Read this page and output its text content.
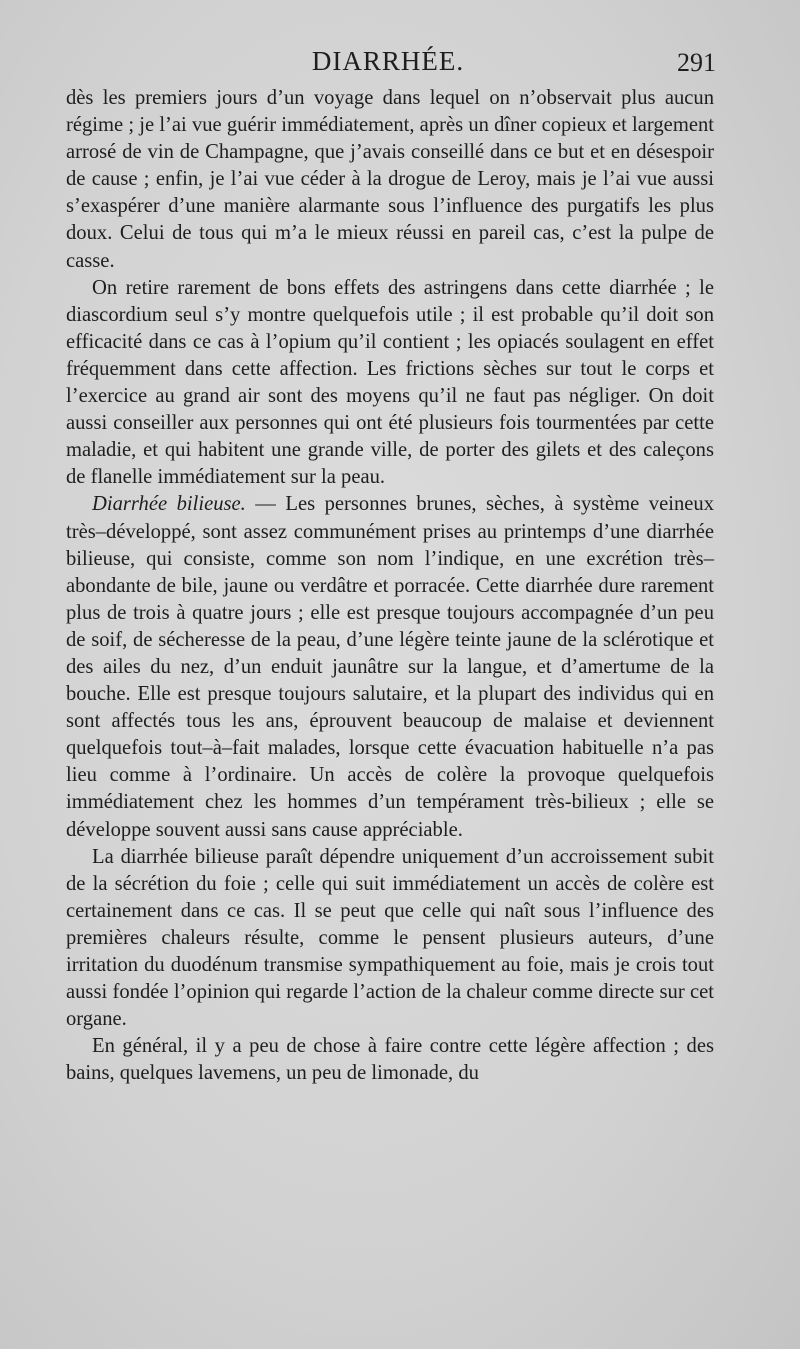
DIARRHÉE.	291

dès les premiers jours d’un voyage dans lequel on n’observait plus aucun régime ; je l’ai vue guérir immédiatement, après un dîner copieux et largement arrosé de vin de Champagne, que j’avais conseillé dans ce but et en désespoir de cause ; enfin, je l’ai vue céder à la drogue de Leroy, mais je l’ai vue aussi s’exaspérer d’une manière alarmante sous l’influence des purgatifs les plus doux. Celui de tous qui m’a le mieux réussi en pareil cas, c’est la pulpe de casse.

On retire rarement de bons effets des astringens dans cette diarrhée ; le diascordium seul s’y montre quelquefois utile ; il est probable qu’il doit son efficacité dans ce cas à l’opium qu’il contient ; les opiacés soulagent en effet fréquemment dans cette affection. Les frictions sèches sur tout le corps et l’exercice au grand air sont des moyens qu’il ne faut pas négliger. On doit aussi conseiller aux personnes qui ont été plusieurs fois tourmentées par cette maladie, et qui habitent une grande ville, de porter des gilets et des caleçons de flanelle immédiatement sur la peau.

Diarrhée bilieuse. — Les personnes brunes, sèches, à système veineux très–développé, sont assez communément prises au printemps d’une diarrhée bilieuse, qui consiste, comme son nom l’indique, en une excrétion très–abondante de bile, jaune ou verdâtre et porracée. Cette diarrhée dure rarement plus de trois à quatre jours ; elle est presque toujours accompagnée d’un peu de soif, de sécheresse de la peau, d’une légère teinte jaune de la sclérotique et des ailes du nez, d’un enduit jaunâtre sur la langue, et d’amertume de la bouche. Elle est presque toujours salutaire, et la plupart des individus qui en sont affectés tous les ans, éprouvent beaucoup de malaise et deviennent quelquefois tout–à–fait malades, lorsque cette évacuation habituelle n’a pas lieu comme à l’ordinaire. Un accès de colère la provoque quelquefois immédiatement chez les hommes d’un tempérament très-bilieux ; elle se développe souvent aussi sans cause appréciable.

La diarrhée bilieuse paraît dépendre uniquement d’un accroissement subit de la sécrétion du foie ; celle qui suit immédiatement un accès de colère est certainement dans ce cas. Il se peut que celle qui naît sous l’influence des premières chaleurs résulte, comme le pensent plusieurs auteurs, d’une irritation du duodénum transmise sympathiquement au foie, mais je crois tout aussi fondée l’opinion qui regarde l’action de la chaleur comme directe sur cet organe.

En général, il y a peu de chose à faire contre cette légère affection ; des bains, quelques lavemens, un peu de limonade, du
